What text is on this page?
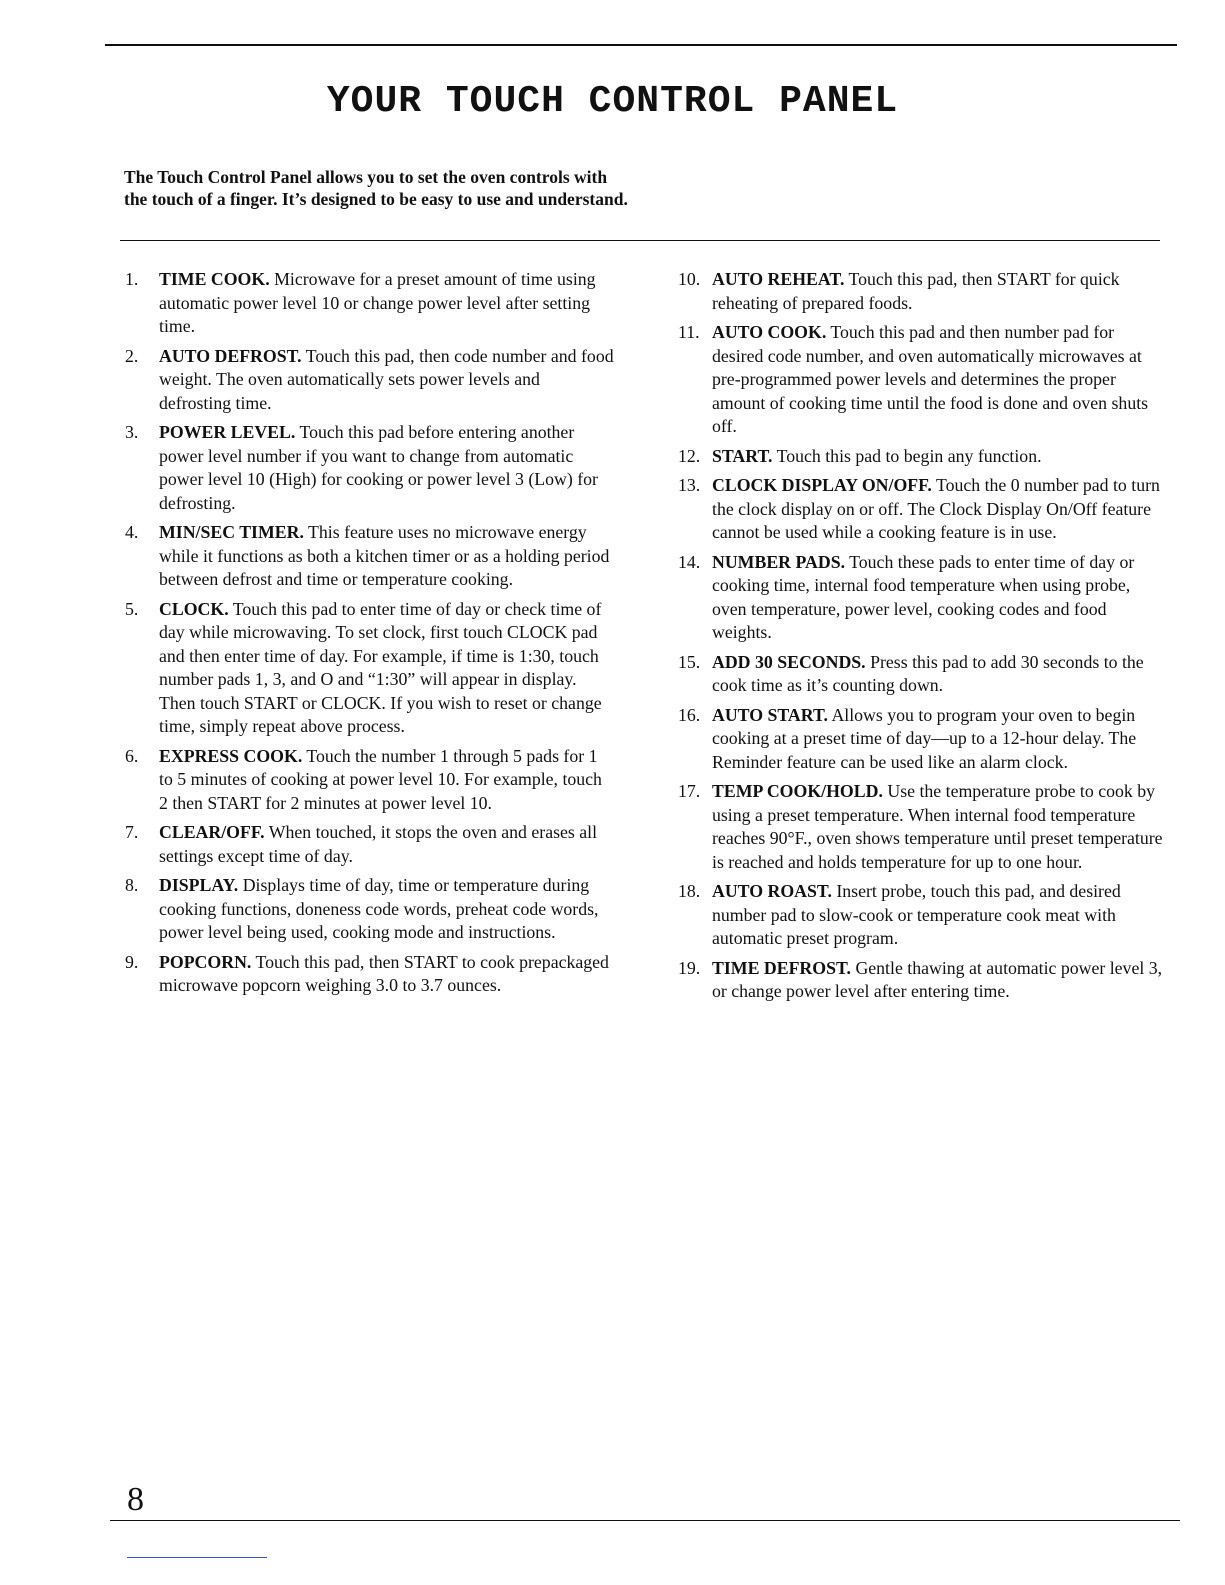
YOUR TOUCH CONTROL PANEL
The Touch Control Panel allows you to set the oven controls with
the touch of a finger. It’s designed to be easy to use and understand.
1. TIME COOK. Microwave for a preset amount of time using automatic power level 10 or change power level after setting time.
2. AUTO DEFROST. Touch this pad, then code number and food weight. The oven automatically sets power levels and defrosting time.
3. POWER LEVEL. Touch this pad before entering another power level number if you want to change from automatic power level 10 (High) for cooking or power level 3 (Low) for defrosting.
4. MIN/SEC TIMER. This feature uses no microwave energy while it functions as both a kitchen timer or as a holding period between defrost and time or temperature cooking.
5. CLOCK. Touch this pad to enter time of day or check time of day while microwaving. To set clock, first touch CLOCK pad and then enter time of day. For example, if time is 1:30, touch number pads 1, 3, and O and “1:30” will appear in display. Then touch START or CLOCK. If you wish to reset or change time, simply repeat above process.
6. EXPRESS COOK. Touch the number 1 through 5 pads for 1 to 5 minutes of cooking at power level 10. For example, touch 2 then START for 2 minutes at power level 10.
7. CLEAR/OFF. When touched, it stops the oven and erases all settings except time of day.
8. DISPLAY. Displays time of day, time or temperature during cooking functions, doneness code words, preheat code words, power level being used, cooking mode and instructions.
9. POPCORN. Touch this pad, then START to cook prepackaged microwave popcorn weighing 3.0 to 3.7 ounces.
10. AUTO REHEAT. Touch this pad, then START for quick reheating of prepared foods.
11. AUTO COOK. Touch this pad and then number pad for desired code number, and oven automatically microwaves at pre-programmed power levels and determines the proper amount of cooking time until the food is done and oven shuts off.
12. START. Touch this pad to begin any function.
13. CLOCK DISPLAY ON/OFF. Touch the 0 number pad to turn the clock display on or off. The Clock Display On/Off feature cannot be used while a cooking feature is in use.
14. NUMBER PADS. Touch these pads to enter time of day or cooking time, internal food temperature when using probe, oven temperature, power level, cooking codes and food weights.
15. ADD 30 SECONDS. Press this pad to add 30 seconds to the cook time as it’s counting down.
16. AUTO START. Allows you to program your oven to begin cooking at a preset time of day—up to a 12-hour delay. The Reminder feature can be used like an alarm clock.
17. TEMP COOK/HOLD. Use the temperature probe to cook by using a preset temperature. When internal food temperature reaches 90°F., oven shows temperature until preset temperature is reached and holds temperature for up to one hour.
18. AUTO ROAST. Insert probe, touch this pad, and desired number pad to slow-cook or temperature cook meat with automatic preset program.
19. TIME DEFROST. Gentle thawing at automatic power level 3, or change power level after entering time.
8
